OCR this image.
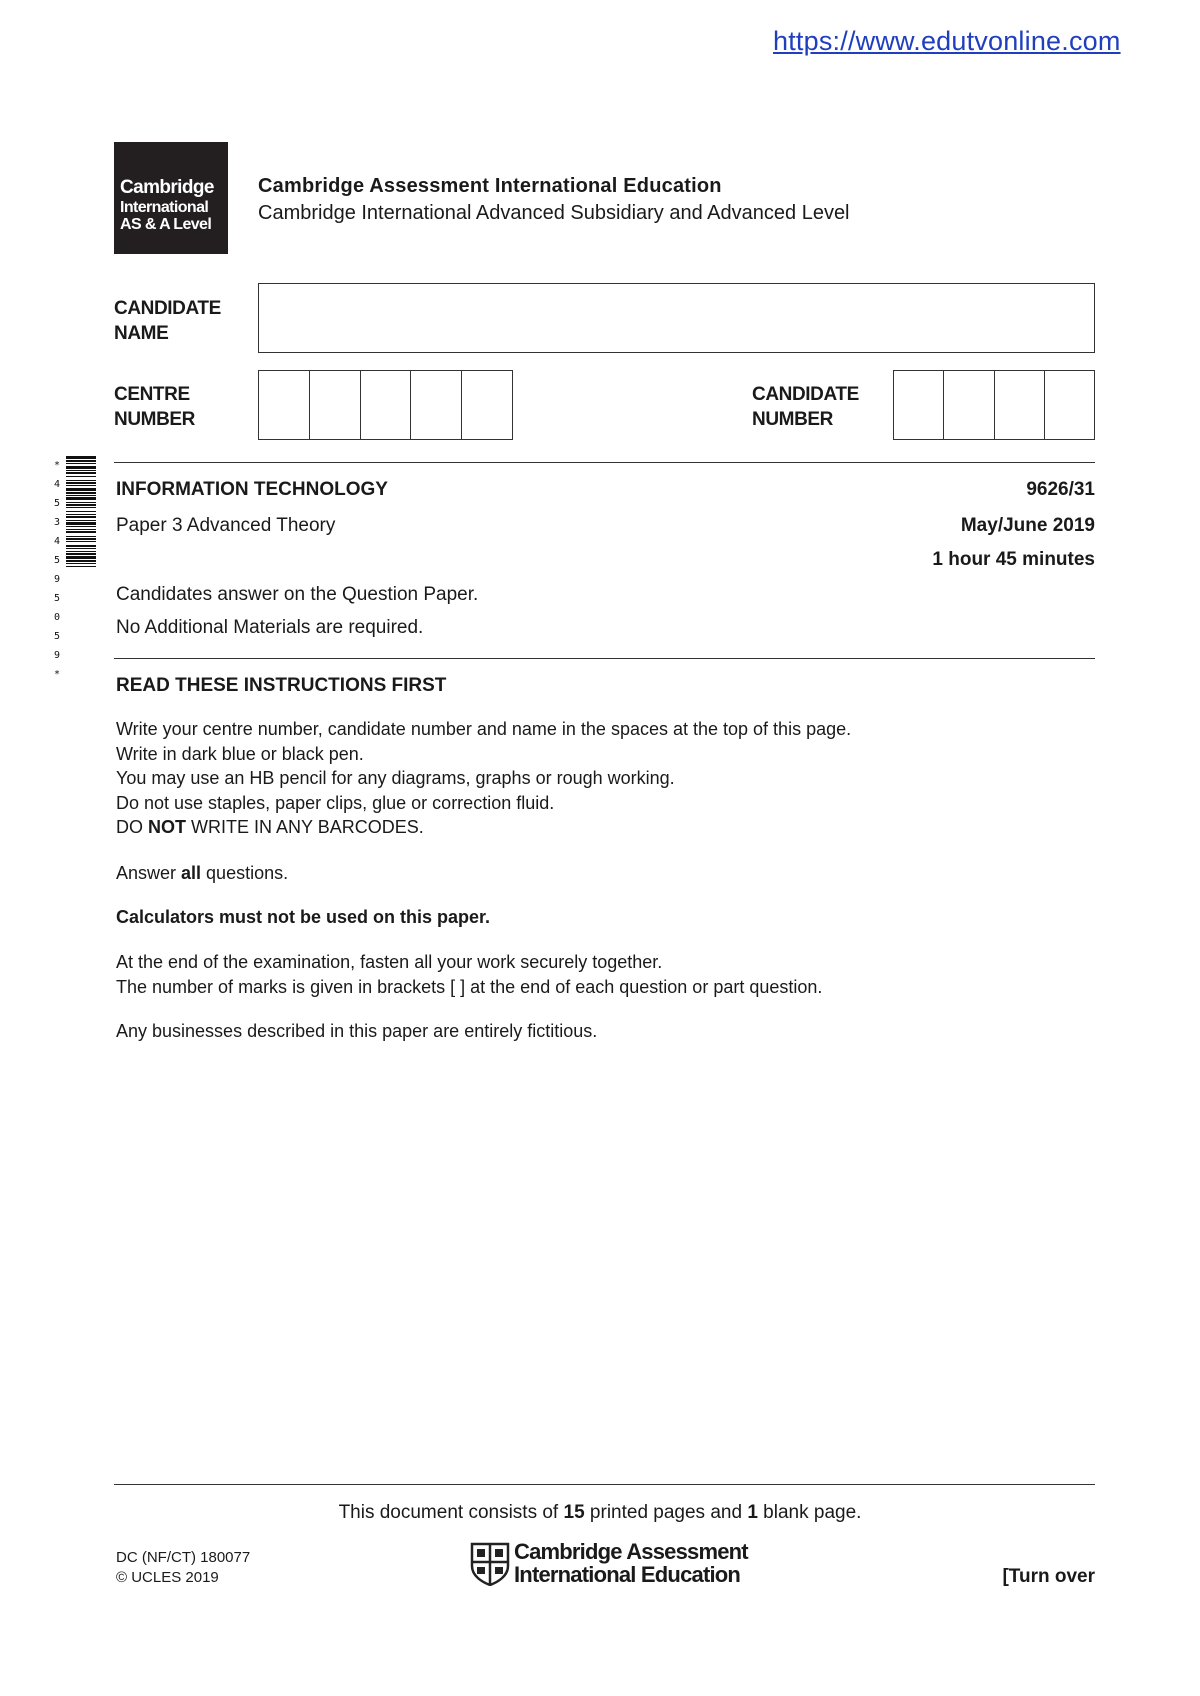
https://www.edutvonline.com
Cambridge
International
AS & A Level
Cambridge Assessment International Education
Cambridge International Advanced Subsidiary and Advanced Level
CANDIDATE
NAME
CENTRE
NUMBER
CANDIDATE
NUMBER
*
4
5
3
4
5
9
5
0
5
9
*
INFORMATION TECHNOLOGY	9626/31
Paper 3 Advanced Theory	May/June 2019
1 hour 45 minutes
Candidates answer on the Question Paper.
No Additional Materials are required.
READ THESE INSTRUCTIONS FIRST
Write your centre number, candidate number and name in the spaces at the top of this page.
Write in dark blue or black pen.
You may use an HB pencil for any diagrams, graphs or rough working.
Do not use staples, paper clips, glue or correction fluid.
DO NOT WRITE IN ANY BARCODES.
Answer all questions.
Calculators must not be used on this paper.
At the end of the examination, fasten all your work securely together.
The number of marks is given in brackets [ ] at the end of each question or part question.
Any businesses described in this paper are entirely fictitious.
This document consists of 15 printed pages and 1 blank page.
DC (NF/CT) 180077
© UCLES 2019
Cambridge Assessment
International Education	[Turn over
